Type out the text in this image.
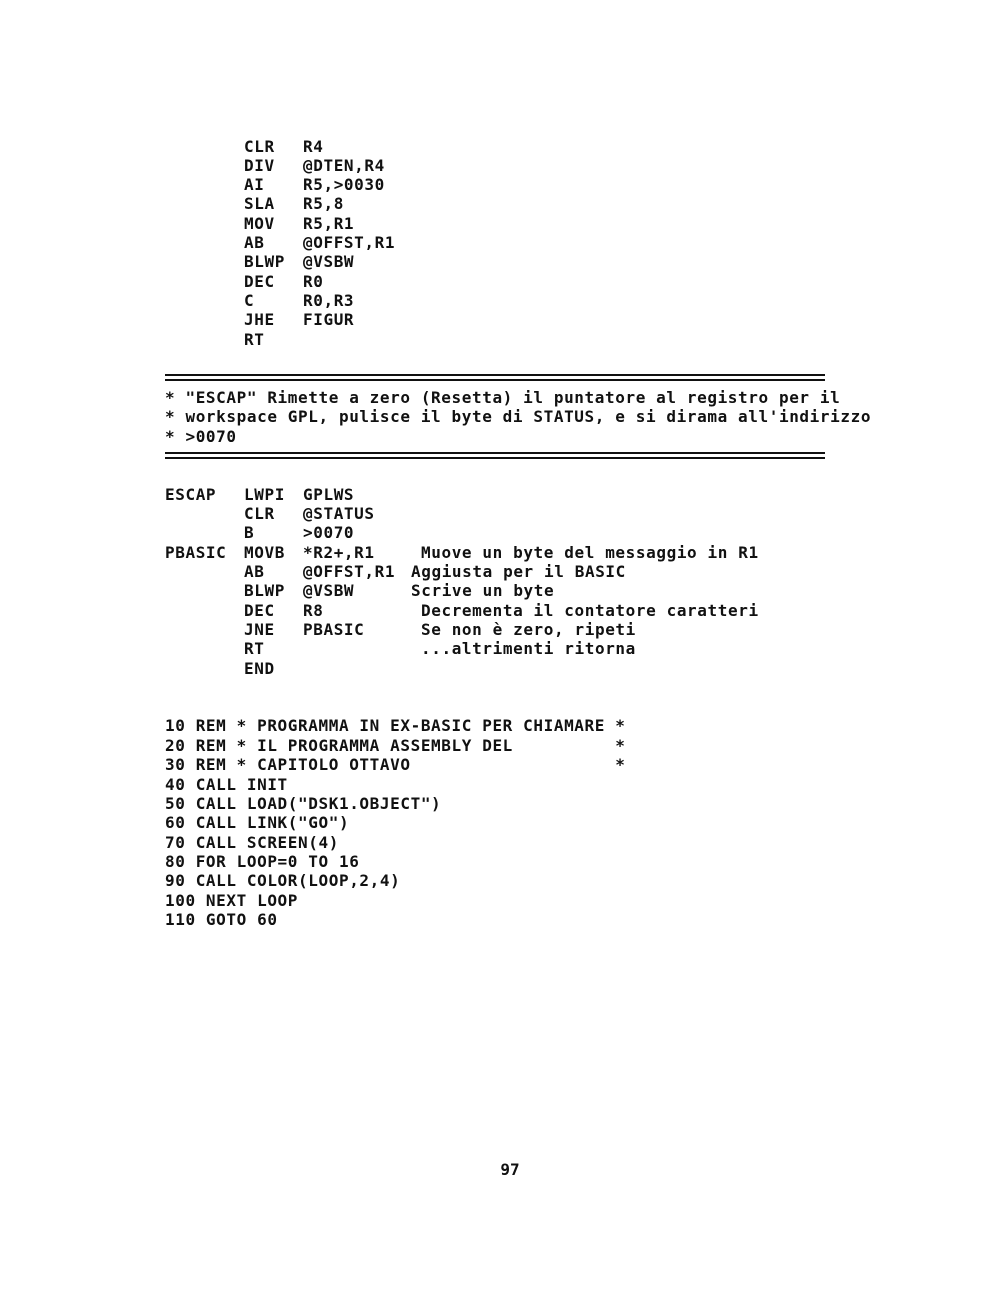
CLR R4
DIV @DTEN,R4
AI R5,>0030
SLA R5,8
MOV R5,R1
AB @OFFST,R1
BLWP @VSBW
DEC R0
C	R0,R3
JHE FIGUR
RT
* "ESCAP" Rimette a zero (Resetta) il puntatore al registro per il
* workspace GPL, pulisce il byte di STATUS, e si dirama all'indirizzo
* >0070
ESCAP LWPI GPLWS
CLR @STATUS
B	>0070
PBASIC MOVB *R2+,R1	Muove un byte del messaggio in R1
AB @OFFST,R1 Aggiusta per il BASIC
BLWP @VSBW	Scrive un byte
DEC R8	Decrementa il contatore caratteri
JNE PBASIC	Se non è zero, ripeti
RT	...altrimenti ritorna
END
10 REM * PROGRAMMA IN EX-BASIC PER CHIAMARE *
20 REM * IL PROGRAMMA ASSEMBLY DEL          *
30 REM * CAPITOLO OTTAVO                    *
40 CALL INIT
50 CALL LOAD("DSK1.OBJECT")
60 CALL LINK("GO")
70 CALL SCREEN(4)
80 FOR LOOP=0 TO 16
90 CALL COLOR(LOOP,2,4)
100 NEXT LOOP
110 GOTO 60
97
